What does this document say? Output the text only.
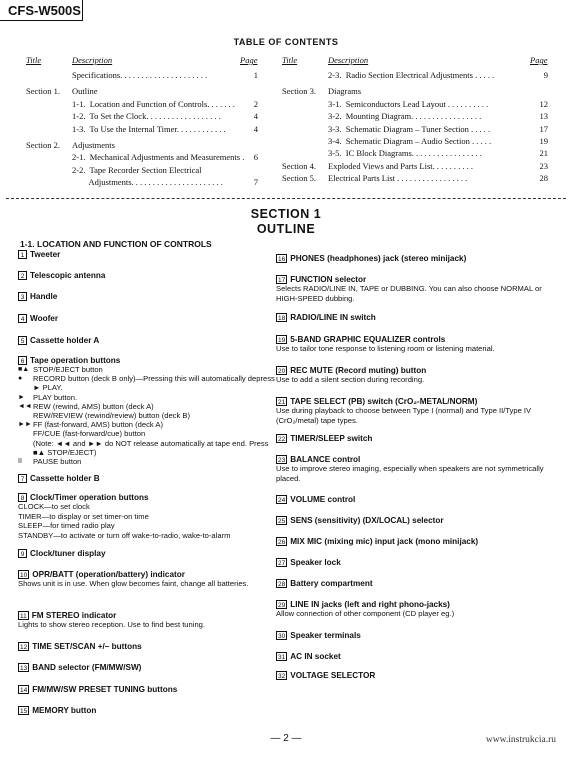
CFS-W500S
TABLE OF CONTENTS
Title	Description	Page
Specifications. . . . . . . . . . . . . . . . . . . . .	1
Section 1. Outline
1-1.  Location and Function of Controls. . . . . . .	2
1-2.  To Set the Clock. . . . . . . . . . . . . . . . . .	4
1-3.  To Use the Internal Timer. . . . . . . . . . . .	4
Section 2. Adjustments
2-1.  Mechanical Adjustments and Measurements .	6
2-2.  Tape Recorder Section Electrical
Adjustments. . . . . . . . . . . . . . . . . . . . . .	7
Title	Description	Page
2-3.  Radio Section Electrical Adjustments . . . . .	9
Section 3. Diagrams
3-1.  Semiconductors Lead Layout . . . . . . . . . .	12
3-2.  Mounting Diagram. . . . . . . . . . . . . . . . .	13
3-3.  Schematic Diagram – Tuner Section . . . . .	17
3-4.  Schematic Diagram – Audio Section . . . . .	19
3-5.  IC Block Diagrams. . . . . . . . . . . . . . . . .	21
Section 4. Exploded Views and Parts List. . . . . . . . . .	23
Section 5. Electrical Parts List . . . . . . . . . . . . . . . . .	28
SECTION 1
OUTLINE
1-1. LOCATION AND FUNCTION OF CONTROLS
1 Tweeter
2 Telescopic antenna
3 Handle
4 Woofer
5 Cassette holder A
6 Tape operation buttons
■▲ STOP/EJECT button
●	RECORD button (deck B only)—Pressing this will automatically depress ► PLAY.
►	PLAY button.
◄◄ REW (rewind, AMS) button (deck A)
REW/REVIEW (rewind/review) button (deck B)
►► FF (fast-forward, AMS) button (deck A)
FF/CUE (fast-forward/cue) button
(Note: ◄◄ and ►► do NOT release automatically at tape end. Press ■▲ STOP/EJECT)
II	PAUSE button
7 Cassette holder B
8 Clock/Timer operation buttons
CLOCK—to set clock
TIMER—to display or set timer-on time
SLEEP—for timed radio play
STANDBY—to activate or turn off wake-to-radio, wake-to-alarm
9 Clock/tuner display
10 OPR/BATT (operation/battery) indicator
Shows unit is in use. When glow becomes faint, change all batteries.
11 FM STEREO indicator
Lights to show stereo reception. Use to find best tuning.
12 TIME SET/SCAN +/– buttons
13 BAND selector (FM/MW/SW)
14 FM/MW/SW PRESET TUNING buttons
15 MEMORY button
16 PHONES (headphones) jack (stereo minijack)
17 FUNCTION selector
Selects RADIO/LINE IN, TAPE or DUBBING. You can also choose NORMAL or HIGH-SPEED dubbing.
18 RADIO/LINE IN switch
19 5-BAND GRAPHIC EQUALIZER controls
Use to tailor tone response to listening room or listening material.
20 REC MUTE (Record muting) button
Use to add a silent section during recording.
21 TAPE SELECT (PB) switch (CrO₂-METAL/NORM)
Use during playback to choose between Type I (normal) and Type II/Type IV (CrO₂/metal) tape types.
22 TIMER/SLEEP switch
23 BALANCE control
Use to improve stereo imaging, especially when speakers are not symmetrically placed.
24 VOLUME control
25 SENS (sensitivity) (DX/LOCAL) selector
26 MIX MIC (mixing mic) input jack (mono minijack)
27 Speaker lock
28 Battery compartment
29 LINE IN jacks (left and right phono-jacks)
Allow connection of other component (CD player eg.)
30 Speaker terminals
31 AC IN socket
32 VOLTAGE SELECTOR
— 2 —	www.instrukcia.ru
